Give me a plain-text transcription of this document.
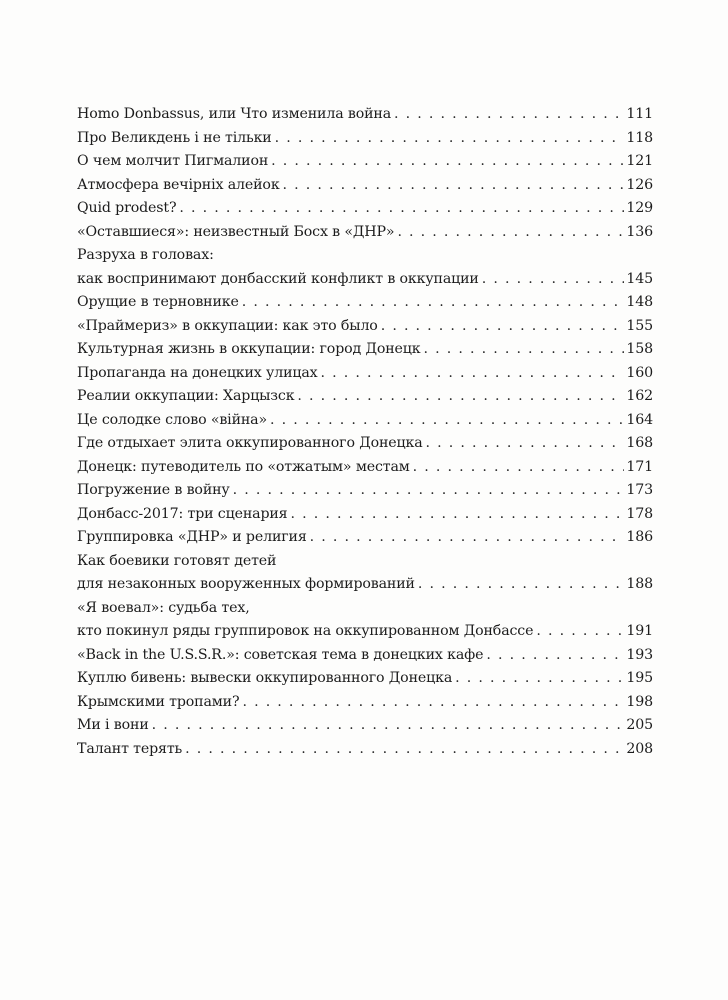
Homo Donbassus, или Что изменила война . . .	111
Про Великдень і не тільки . . .	118
О чем молчит Пигмалион . . .	121
Атмосфера вечірніх алейок . . .	126
Quid prodest? . . .	129
«Оставшиеся»: неизвестный Босх в «ДНР» . . .	136
Разруха в головах:
как воспринимают донбасский конфликт в оккупации . . .	145
Орущие в терновнике . . .	148
«Праймериз» в оккупации: как это было . . .	155
Культурная жизнь в оккупации: город Донецк . . .	158
Пропаганда на донецких улицах . . .	160
Реалии оккупации: Харцызск . . .	162
Це солодке слово «війна» . . .	164
Где отдыхает элита оккупированного Донецка . . .	168
Донецк: путеводитель по «отжатым» местам . . .	171
Погружение в войну . . .	173
Донбасс-2017: три сценария . . .	178
Группировка «ДНР» и религия . . .	186
Как боевики готовят детей
для незаконных вооруженных формирований . . .	188
«Я воевал»: судьба тех,
кто покинул ряды группировок на оккупированном Донбассе . . .	191
«Back in the U.S.S.R.»: советская тема в донецких кафе . . .	193
Куплю бивень: вывески оккупированного Донецка . . .	195
Крымскими тропами? . . .	198
Ми і вони . . .	205
Талант терять . . .	208
